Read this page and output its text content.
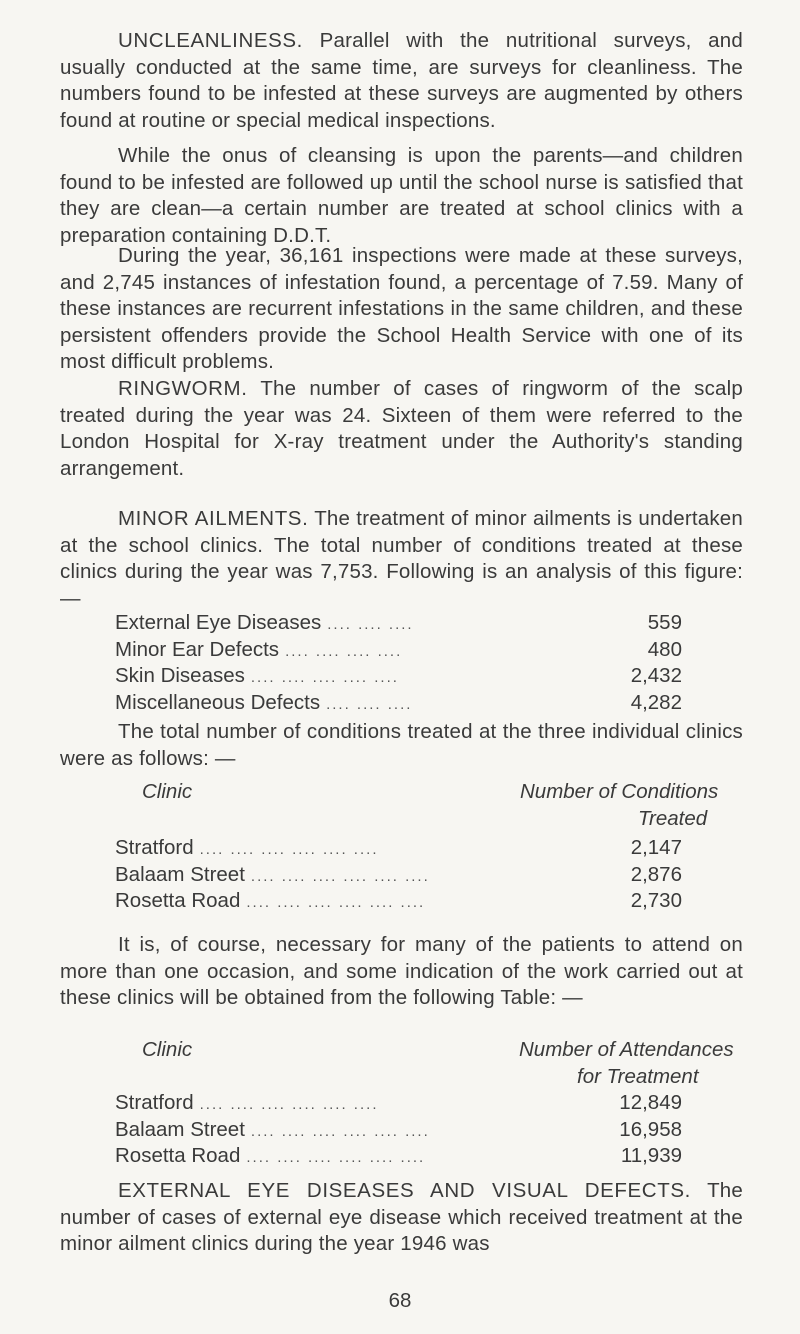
UNCLEANLINESS. Parallel with the nutritional surveys, and usually conducted at the same time, are surveys for cleanliness. The numbers found to be infested at these surveys are augmented by others found at routine or special medical inspections.

While the onus of cleansing is upon the parents—and children found to be infested are followed up until the school nurse is satisfied that they are clean—a certain number are treated at school clinics with a preparation containing D.D.T.

During the year, 36,161 inspections were made at these surveys, and 2,745 instances of infestation found, a percentage of 7.59. Many of these instances are recurrent infestations in the same children, and these persistent offenders provide the School Health Service with one of its most difficult problems.

RINGWORM. The number of cases of ringworm of the scalp treated during the year was 24. Sixteen of them were referred to the London Hospital for X-ray treatment under the Authority's standing arrangement.

MINOR AILMENTS. The treatment of minor ailments is undertaken at the school clinics. The total number of conditions treated at these clinics during the year was 7,753. Following is an analysis of this figure: —

External Eye Diseases .... .... ....	559
Minor Ear Defects .... .... .... ....	480
Skin Diseases .... .... .... .... ....	2,432
Miscellaneous Defects .... .... ....	4,282

The total number of conditions treated at the three individual clinics were as follows: —

Clinic	Number of Conditions
Treated
Stratford .... .... .... .... .... ....	2,147
Balaam Street .... .... .... .... .... ....	2,876
Rosetta Road .... .... .... .... .... ....	2,730

It is, of course, necessary for many of the patients to attend on more than one occasion, and some indication of the work carried out at these clinics will be obtained from the following Table: —

Clinic	Number of Attendances
for Treatment
Stratford .... .... .... .... .... ....	12,849
Balaam Street .... .... .... .... .... ....	16,958
Rosetta Road .... .... .... .... .... ....	11,939

EXTERNAL EYE DISEASES AND VISUAL DEFECTS. The number of cases of external eye disease which received treatment at the minor ailment clinics during the year 1946 was

68
